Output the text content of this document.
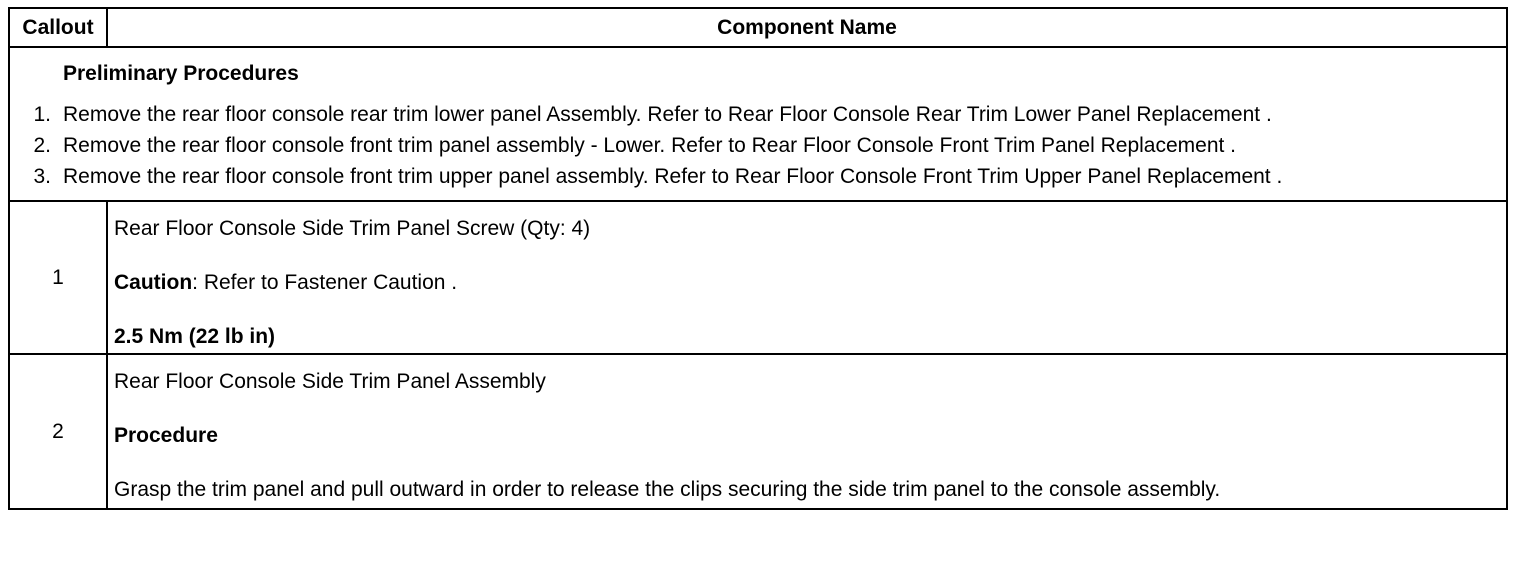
Callout	Component Name
Preliminary Procedures
1. Remove the rear floor console rear trim lower panel Assembly. Refer to Rear Floor Console Rear Trim Lower Panel Replacement .
2. Remove the rear floor console front trim panel assembly - Lower. Refer to Rear Floor Console Front Trim Panel Replacement .
3. Remove the rear floor console front trim upper panel assembly. Refer to Rear Floor Console Front Trim Upper Panel Replacement .
1

Rear Floor Console Side Trim Panel Screw (Qty: 4)

Caution: Refer to Fastener Caution .

2.5 Nm (22 lb in)

2

Rear Floor Console Side Trim Panel Assembly

Procedure

Grasp the trim panel and pull outward in order to release the clips securing the side trim panel to the console assembly.
